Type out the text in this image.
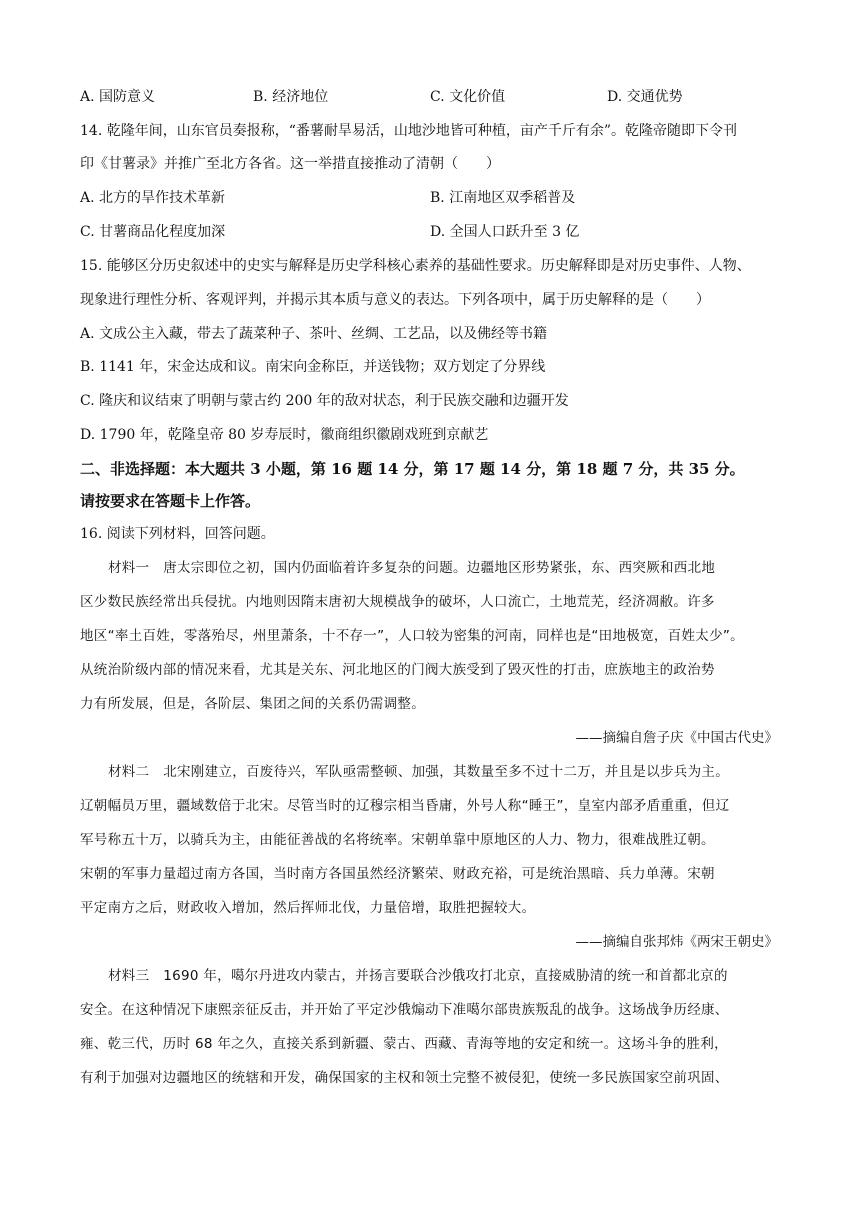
A. 国防意义	B. 经济地位	C. 文化价值	D. 交通优势
14. 乾隆年间，山东官员奏报称，“番薯耐旱易活，山地沙地皆可种植，亩产千斤有余”。乾隆帝随即下令刊
印《甘薯录》并推广至北方各省。这一举措直接推动了清朝（　　）
A. 北方的旱作技术革新	B. 江南地区双季稻普及
C. 甘薯商品化程度加深	D. 全国人口跃升至 3 亿
15. 能够区分历史叙述中的史实与解释是历史学科核心素养的基础性要求。历史解释即是对历史事件、人物、
现象进行理性分析、客观评判，并揭示其本质与意义的表达。下列各项中，属于历史解释的是（　　）
A. 文成公主入藏，带去了蔬菜种子、茶叶、丝绸、工艺品，以及佛经等书籍
B. 1141 年，宋金达成和议。南宋向金称臣，并送钱物；双方划定了分界线
C. 隆庆和议结束了明朝与蒙古约 200 年的敌对状态，利于民族交融和边疆开发
D. 1790 年，乾隆皇帝 80 岁寿辰时，徽商组织徽剧戏班到京献艺
二、非选择题：本大题共 3 小题，第 16 题 14 分，第 17 题 14 分，第 18 题 7 分，共 35 分。
请按要求在答题卡上作答。
16. 阅读下列材料，回答问题。
材料一　唐太宗即位之初，国内仍面临着许多复杂的问题。边疆地区形势紧张，东、西突厥和西北地
区少数民族经常出兵侵扰。内地则因隋末唐初大规模战争的破坏，人口流亡，土地荒芜，经济凋敝。许多
地区“率土百姓，零落殆尽，州里萧条，十不存一”，人口较为密集的河南，同样也是“田地极宽，百姓太少”。
从统治阶级内部的情况来看，尤其是关东、河北地区的门阀大族受到了毁灭性的打击，庶族地主的政治势
力有所发展，但是，各阶层、集团之间的关系仍需调整。
——摘编自詹子庆《中国古代史》
材料二　北宋刚建立，百废待兴，军队亟需整顿、加强，其数量至多不过十二万，并且是以步兵为主。
辽朝幅员万里，疆域数倍于北宋。尽管当时的辽穆宗相当昏庸，外号人称“睡王”，皇室内部矛盾重重，但辽
军号称五十万，以骑兵为主，由能征善战的名将统率。宋朝单靠中原地区的人力、物力，很难战胜辽朝。
宋朝的军事力量超过南方各国，当时南方各国虽然经济繁荣、财政充裕，可是统治黑暗、兵力单薄。宋朝
平定南方之后，财政收入增加，然后挥师北伐，力量倍增，取胜把握较大。
——摘编自张邦炜《两宋王朝史》
材料三　1690 年，噶尔丹进攻内蒙古，并扬言要联合沙俄攻打北京，直接威胁清的统一和首都北京的
安全。在这种情况下康熙亲征反击，并开始了平定沙俄煽动下准噶尔部贵族叛乱的战争。这场战争历经康、
雍、乾三代，历时 68 年之久，直接关系到新疆、蒙古、西藏、青海等地的安定和统一。这场斗争的胜利，
有利于加强对边疆地区的统辖和开发，确保国家的主权和领土完整不被侵犯，使统一多民族国家空前巩固、
